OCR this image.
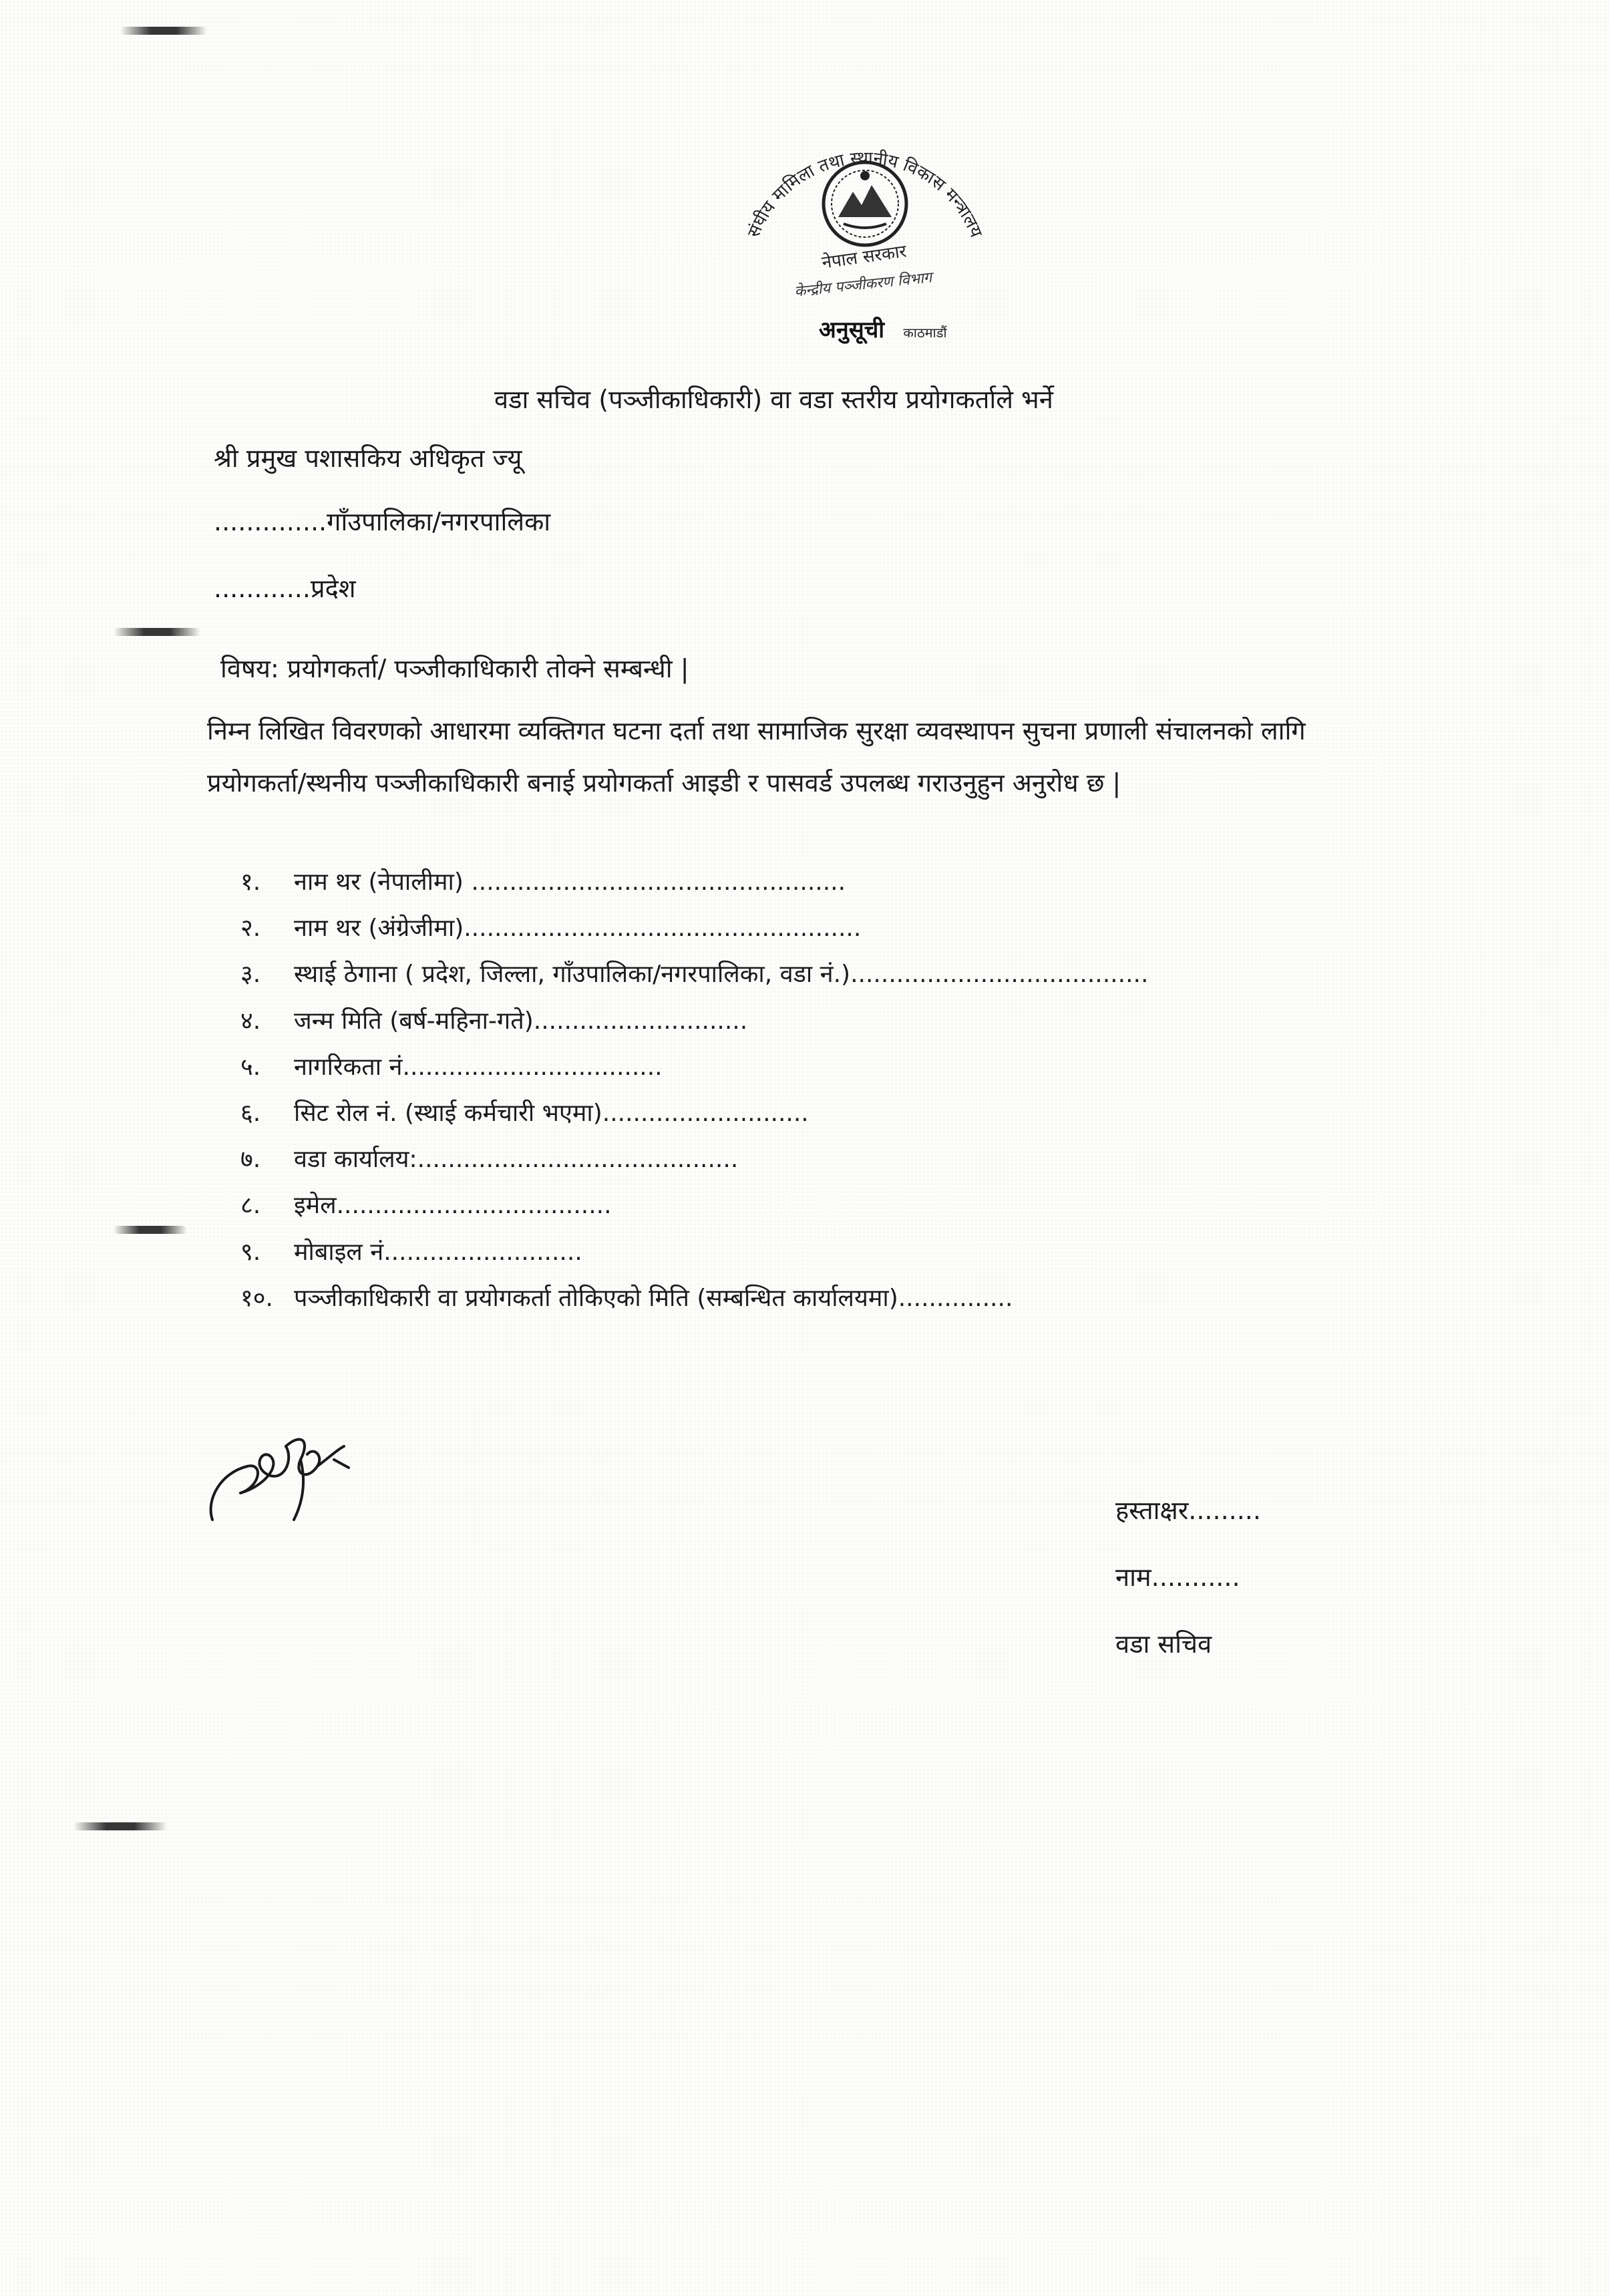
संघीय मामिला तथा स्थानीय विकास मन्त्रालय
नेपाल सरकार
केन्द्रीय पञ्जीकरण विभाग
अनुसूची काठमाडौं
वडा सचिव (पञ्जीकाधिकारी) वा वडा स्तरीय प्रयोगकर्ताले भर्ने
श्री प्रमुख पशासकिय अधिकृत ज्यू
..............गाँउपालिका/नगरपालिका
............प्रदेश
विषय: प्रयोगकर्ता/ पञ्जीकाधिकारी तोक्ने सम्बन्धी |
निम्न लिखित विवरणको आधारमा व्यक्तिगत घटना दर्ता तथा सामाजिक सुरक्षा व्यवस्थापन सुचना प्रणाली संचालनको लागि प्रयोगकर्ता/स्थनीय पञ्जीकाधिकारी बनाई प्रयोगकर्ता आइडी र पासवर्ड उपलब्ध गराउनुहुन अनुरोध छ |
१. नाम थर (नेपालीमा) .................................................
२. नाम थर (अंग्रेजीमा)....................................................
३. स्थाई ठेगाना ( प्रदेश, जिल्ला, गाँउपालिका/नगरपालिका, वडा नं.).......................................
४. जन्म मिति (बर्ष-महिना-गते)............................
५. नागरिकता नं..................................
६. सिट रोल नं. (स्थाई कर्मचारी भएमा)...........................
७. वडा कार्यालय:..........................................
८. इमेल....................................
९. मोबाइल नं..........................
१०. पञ्जीकाधिकारी वा प्रयोगकर्ता तोकिएको मिति (सम्बन्धित कार्यालयमा)...............
हस्ताक्षर.........
नाम...........
वडा सचिव
